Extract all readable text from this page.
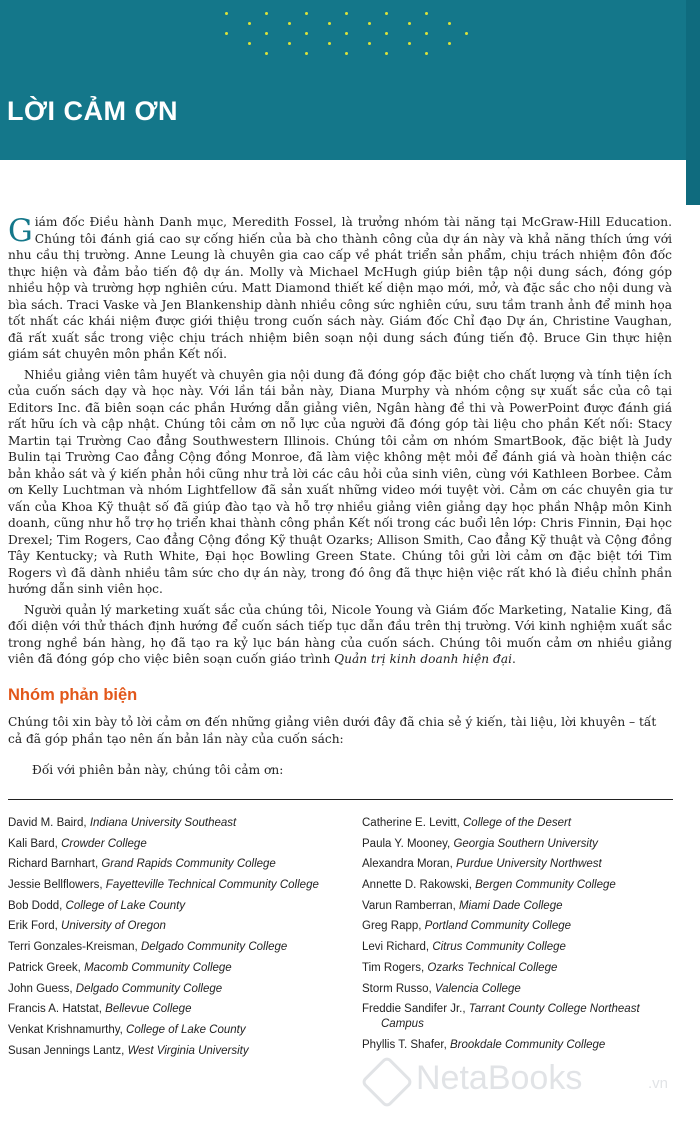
LỜI CẢM ƠN

Giám đốc Điều hành Danh mục, Meredith Fossel, là trưởng nhóm tài năng tại McGraw-Hill Education. Chúng tôi đánh giá cao sự cống hiến của bà cho thành công của dự án này và khả năng thích ứng với nhu cầu thị trường. Anne Leung là chuyên gia cao cấp về phát triển sản phẩm, chịu trách nhiệm đôn đốc thực hiện và đảm bảo tiến độ dự án. Molly và Michael McHugh giúp biên tập nội dung sách, đóng góp nhiều hộp và trường hợp nghiên cứu. Matt Diamond thiết kế diện mạo mới, mở, và đặc sắc cho nội dung và bìa sách. Traci Vaske và Jen Blankenship dành nhiều công sức nghiên cứu, sưu tầm tranh ảnh để minh họa tốt nhất các khái niệm được giới thiệu trong cuốn sách này. Giám đốc Chỉ đạo Dự án, Christine Vaughan, đã rất xuất sắc trong việc chịu trách nhiệm biên soạn nội dung sách đúng tiến độ. Bruce Gin thực hiện giám sát chuyên môn phần Kết nối.

Nhiều giảng viên tâm huyết và chuyên gia nội dung đã đóng góp đặc biệt cho chất lượng và tính tiện ích của cuốn sách dạy và học này. Với lần tái bản này, Diana Murphy và nhóm cộng sự xuất sắc của cô tại Editors Inc. đã biên soạn các phần Hướng dẫn giảng viên, Ngân hàng đề thi và PowerPoint được đánh giá rất hữu ích và cập nhật. Chúng tôi cảm ơn nỗ lực của người đã đóng góp tài liệu cho phần Kết nối: Stacy Martin tại Trường Cao đẳng Southwestern Illinois. Chúng tôi cảm ơn nhóm SmartBook, đặc biệt là Judy Bulin tại Trường Cao đẳng Cộng đồng Monroe, đã làm việc không mệt mỏi để đánh giá và hoàn thiện các bản khảo sát và ý kiến phản hồi cũng như trả lời các câu hỏi của sinh viên, cùng với Kathleen Borbee. Cảm ơn Kelly Luchtman và nhóm Lightfellow đã sản xuất những video mới tuyệt vời. Cảm ơn các chuyên gia tư vấn của Khoa Kỹ thuật số đã giúp đào tạo và hỗ trợ nhiều giảng viên giảng dạy học phần Nhập môn Kinh doanh, cũng như hỗ trợ họ triển khai thành công phần Kết nối trong các buổi lên lớp: Chris Finnin, Đại học Drexel; Tim Rogers, Cao đẳng Cộng đồng Kỹ thuật Ozarks; Allison Smith, Cao đẳng Kỹ thuật và Cộng đồng Tây Kentucky; và Ruth White, Đại học Bowling Green State. Chúng tôi gửi lời cảm ơn đặc biệt tới Tim Rogers vì đã dành nhiều tâm sức cho dự án này, trong đó ông đã thực hiện việc rất khó là điều chỉnh phần hướng dẫn sinh viên học.

Người quản lý marketing xuất sắc của chúng tôi, Nicole Young và Giám đốc Marketing, Natalie King, đã đối diện với thử thách định hướng để cuốn sách tiếp tục dẫn đầu trên thị trường. Với kinh nghiệm xuất sắc trong nghề bán hàng, họ đã tạo ra kỷ lục bán hàng của cuốn sách. Chúng tôi muốn cảm ơn nhiều giảng viên đã đóng góp cho việc biên soạn cuốn giáo trình Quản trị kinh doanh hiện đại.

Nhóm phản biện

Chúng tôi xin bày tỏ lời cảm ơn đến những giảng viên dưới đây đã chia sẻ ý kiến, tài liệu, lời khuyên – tất cả đã góp phần tạo nên ấn bản lần này của cuốn sách:

Đối với phiên bản này, chúng tôi cảm ơn:

David M. Baird, Indiana University Southeast
Kali Bard, Crowder College
Richard Barnhart, Grand Rapids Community College
Jessie Bellflowers, Fayetteville Technical Community College
Bob Dodd, College of Lake County
Erik Ford, University of Oregon
Terri Gonzales-Kreisman, Delgado Community College
Patrick Greek, Macomb Community College
John Guess, Delgado Community College
Francis A. Hatstat, Bellevue College
Venkat Krishnamurthy, College of Lake County
Susan Jennings Lantz, West Virginia University
Catherine E. Levitt, College of the Desert
Paula Y. Mooney, Georgia Southern University
Alexandra Moran, Purdue University Northwest
Annette D. Rakowski, Bergen Community College
Varun Ramberran, Miami Dade College
Greg Rapp, Portland Community College
Levi Richard, Citrus Community College
Tim Rogers, Ozarks Technical College
Storm Russo, Valencia College
Freddie Sandifer Jr., Tarrant County College Northeast Campus
Phyllis T. Shafer, Brookdale Community College
NetaBooks	.vn
